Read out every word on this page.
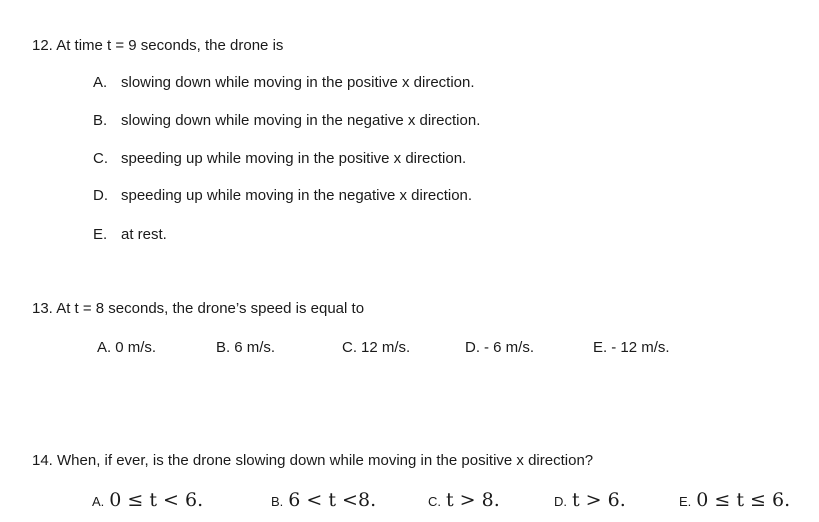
12. At time t = 9 seconds, the drone is
A. slowing down while moving in the positive x direction.
B. slowing down while moving in the negative x direction.
C. speeding up while moving in the positive x direction.
D. speeding up while moving in the negative x direction.
E. at rest.
13. At t = 8 seconds, the drone’s speed is equal to
A. 0 m/s.	B. 6 m/s.	C. 12 m/s.	D. - 6 m/s.	E. - 12 m/s.
14. When, if ever, is the drone slowing down while moving in the positive x direction?
A. 0 ≤ t < 6.	B. 6 < t <8.	C. t > 8.	D. t > 6.	E. 0 ≤ t ≤ 6.
